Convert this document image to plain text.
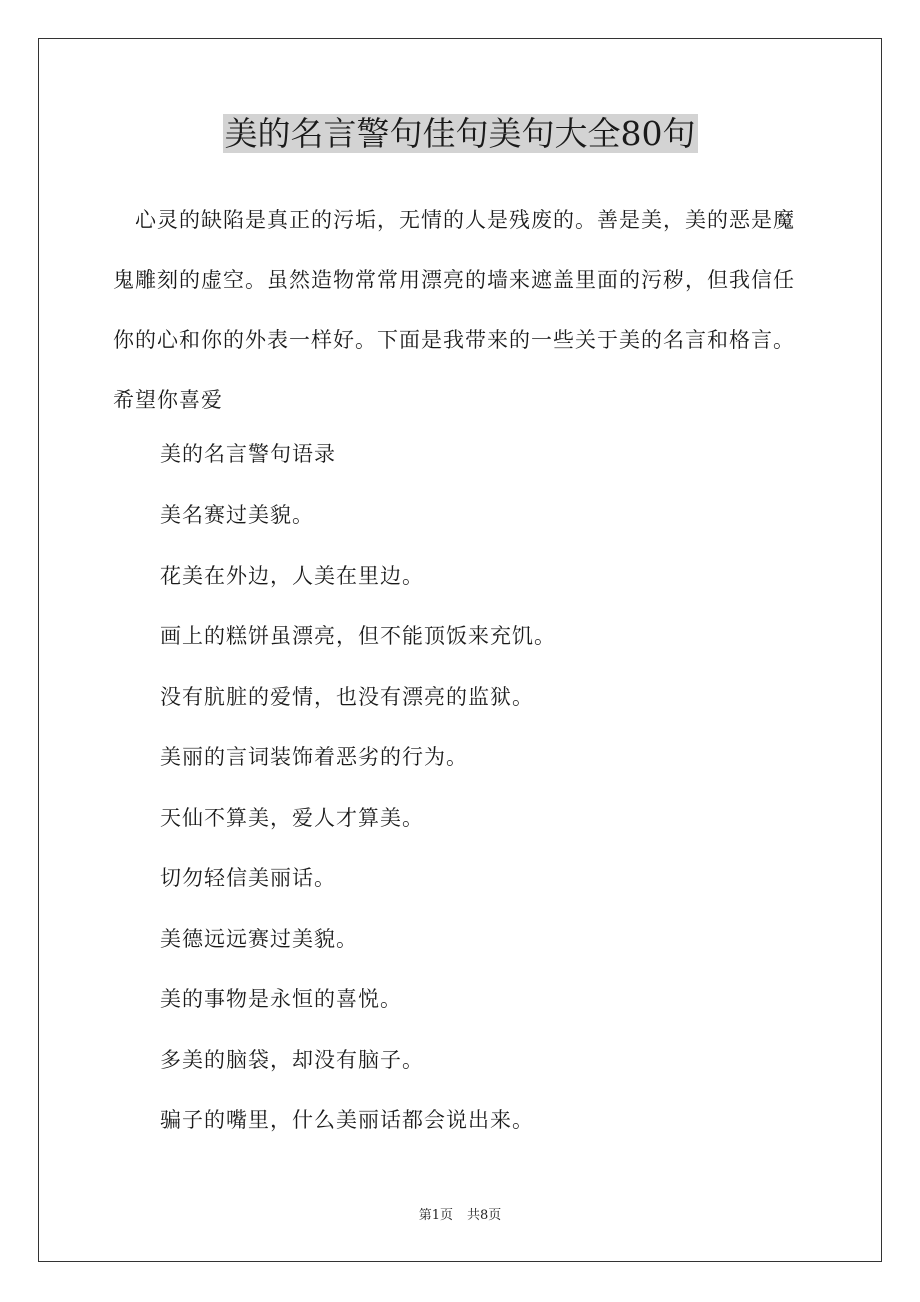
美的名言警句佳句美句大全80句

心灵的缺陷是真正的污垢，无情的人是残废的。善是美，美的恶是魔鬼雕刻的虚空。虽然造物常常用漂亮的墙来遮盖里面的污秽，但我信任你的心和你的外表一样好。下面是我带来的一些关于美的名言和格言。希望你喜爱

美的名言警句语录
美名赛过美貌。
花美在外边，人美在里边。
画上的糕饼虽漂亮，但不能顶饭来充饥。
没有肮脏的爱情，也没有漂亮的监狱。
美丽的言词装饰着恶劣的行为。
天仙不算美，爱人才算美。
切勿轻信美丽话。
美德远远赛过美貌。
美的事物是永恒的喜悦。
多美的脑袋，却没有脑子。
骗子的嘴里，什么美丽话都会说出来。
第1页 共8页
